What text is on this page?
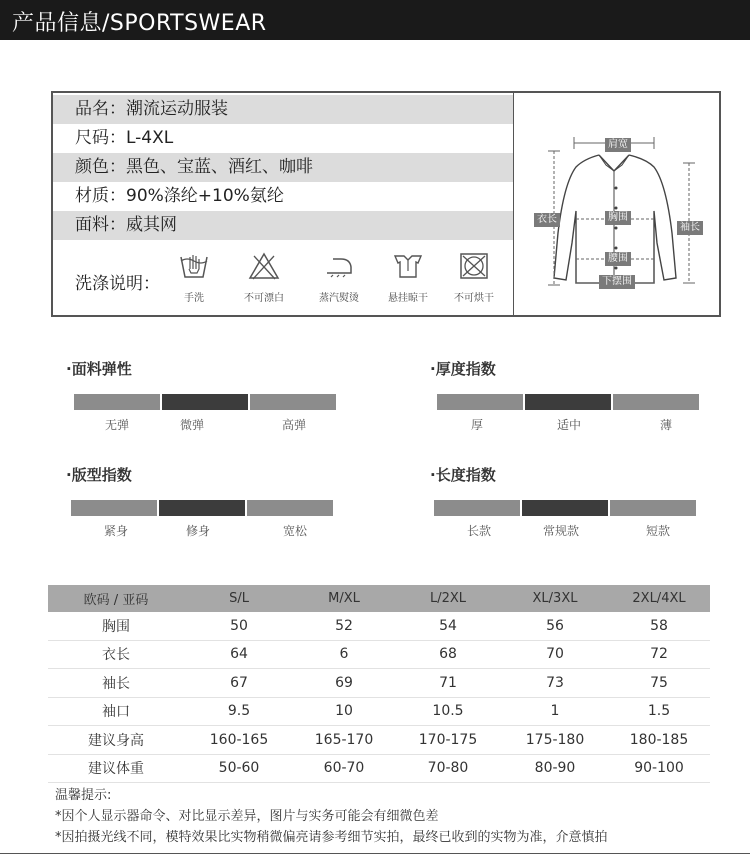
产品信息/SPORTSWEAR
品名：潮流运动服装
尺码：L-4XL
颜色：黑色、宝蓝、酒红、咖啡
材质：90%涤纶+10%氨纶
面料：威其网
洗涤说明：
手洗	不可漂白	蒸汽熨烫	悬挂晾干	不可烘干
肩宽
衣长	胸围
袖长
腰围
下摆围
·面料弹性
无弹	微弹	高弹
·厚度指数
厚	适中	薄
·版型指数
紧身	修身	宽松
·长度指数
长款	常规款	短款
欧码 / 亚码	S/L	M/XL	L/2XL	XL/3XL	2XL/4XL
胸围	50	52	54	56	58
衣长	64	6	68	70	72
袖长	67	69	71	73	75
袖口	9.5	10	10.5	1	1.5
建议身高	160-165	165-170	170-175	175-180	180-185
建议体重	50-60	60-70	70-80	80-90	90-100
温馨提示:
*因个人显示器命令、对比显示差异，图片与实务可能会有细微色差
*因拍摄光线不同，模特效果比实物稍微偏亮请参考细节实拍，最终已收到的实物为准，介意慎拍
